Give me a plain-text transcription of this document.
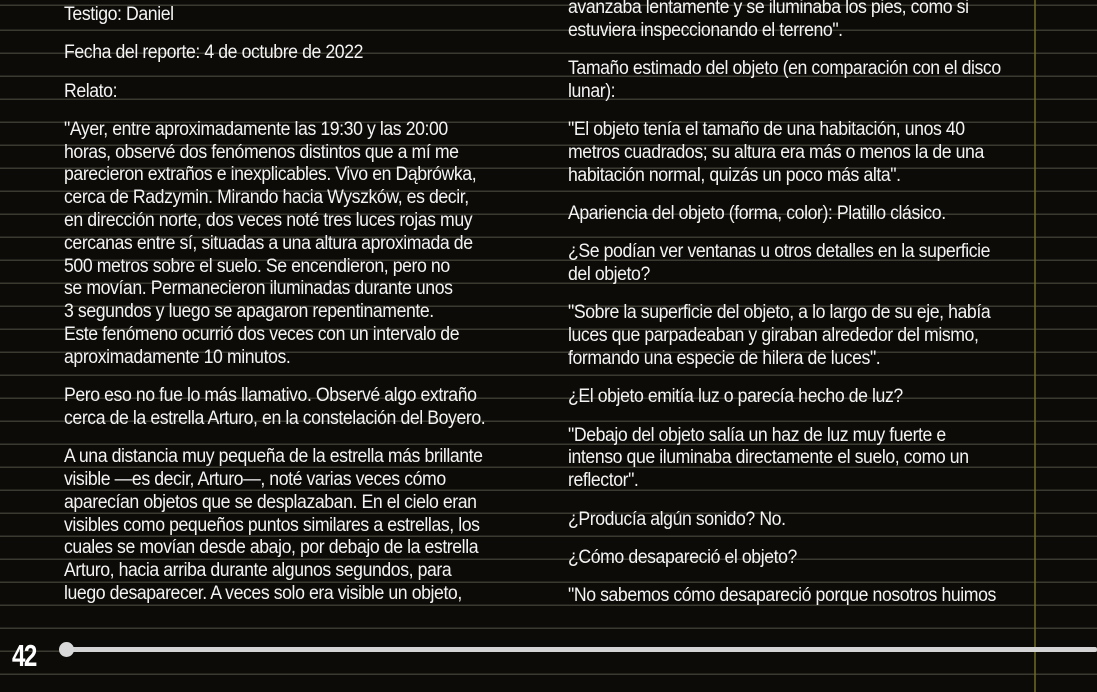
Testigo: Daniel

Fecha del reporte: 4 de octubre de 2022

Relato:

"Ayer, entre aproximadamente las 19:30 y las 20:00
horas, observé dos fenómenos distintos que a mí me
parecieron extraños e inexplicables. Vivo en Dąbrówka,
cerca de Radzymin. Mirando hacia Wyszków, es decir,
en dirección norte, dos veces noté tres luces rojas muy
cercanas entre sí, situadas a una altura aproximada de
500 metros sobre el suelo. Se encendieron, pero no
se movían. Permanecieron iluminadas durante unos
3 segundos y luego se apagaron repentinamente.
Este fenómeno ocurrió dos veces con un intervalo de
aproximadamente 10 minutos.

Pero eso no fue lo más llamativo. Observé algo extraño
cerca de la estrella Arturo, en la constelación del Boyero.

A una distancia muy pequeña de la estrella más brillante
visible —es decir, Arturo—, noté varias veces cómo
aparecían objetos que se desplazaban. En el cielo eran
visibles como pequeños puntos similares a estrellas, los
cuales se movían desde abajo, por debajo de la estrella
Arturo, hacia arriba durante algunos segundos, para
luego desaparecer. A veces solo era visible un objeto,

avanzaba lentamente y se iluminaba los pies, como si
estuviera inspeccionando el terreno".

Tamaño estimado del objeto (en comparación con el disco
lunar):

"El objeto tenía el tamaño de una habitación, unos 40
metros cuadrados; su altura era más o menos la de una
habitación normal, quizás un poco más alta".

Apariencia del objeto (forma, color): Platillo clásico.

¿Se podían ver ventanas u otros detalles en la superficie
del objeto?

"Sobre la superficie del objeto, a lo largo de su eje, había
luces que parpadeaban y giraban alrededor del mismo,
formando una especie de hilera de luces".

¿El objeto emitía luz o parecía hecho de luz?

"Debajo del objeto salía un haz de luz muy fuerte e
intenso que iluminaba directamente el suelo, como un
reflector".

¿Producía algún sonido? No.

¿Cómo desapareció el objeto?

"No sabemos cómo desapareció porque nosotros huimos

42
